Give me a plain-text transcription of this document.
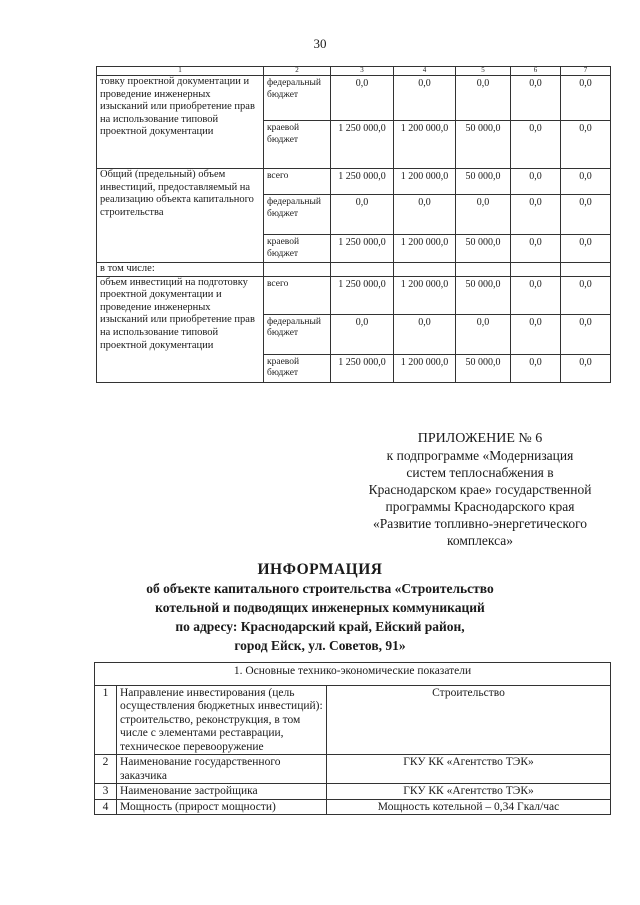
30
1	2	3	4	5	6	7
товку проектной документации и проведение инженерных изысканий или приобретение прав на использование типовой проектной документации	федеральный бюджет	0,0	0,0	0,0	0,0	0,0
	краевой бюджет	1 250 000,0	1 200 000,0	50 000,0	0,0	0,0
Общий (предельный) объем инвестиций, предоставляемый на реализацию объекта капитального строительства	всего	1 250 000,0	1 200 000,0	50 000,0	0,0	0,0
	федеральный бюджет	0,0	0,0	0,0	0,0	0,0
	краевой бюджет	1 250 000,0	1 200 000,0	50 000,0	0,0	0,0
в том числе:						
объем инвестиций на подготовку проектной документации и проведение инженерных изысканий или приобретение прав на использование типовой проектной документации	всего	1 250 000,0	1 200 000,0	50 000,0	0,0	0,0
	федеральный бюджет	0,0	0,0	0,0	0,0	0,0
	краевой бюджет	1 250 000,0	1 200 000,0	50 000,0	0,0	0,0
ПРИЛОЖЕНИЕ № 6
к подпрограмме «Модернизация
систем теплоснабжения в
Краснодарском крае» государственной
программы Краснодарского края
«Развитие топливно-энергетического
комплекса»
ИНФОРМАЦИЯ
об объекте капитального строительства «Строительство
котельной и подводящих инженерных коммуникаций
по адресу: Краснодарский край, Ейский район,
город Ейск, ул. Советов, 91»
1. Основные технико-экономические показатели		
1	Направление инвестирования (цель осуществления бюджетных инвестиций): строительство, реконструкция, в том числе с элементами реставрации, техническое перевооружение	Строительство
2	Наименование государственного заказчика	ГКУ КК «Агентство ТЭК»
3	Наименование застройщика	ГКУ КК «Агентство ТЭК»
4	Мощность (прирост мощности)	Мощность котельной – 0,34 Гкал/час
